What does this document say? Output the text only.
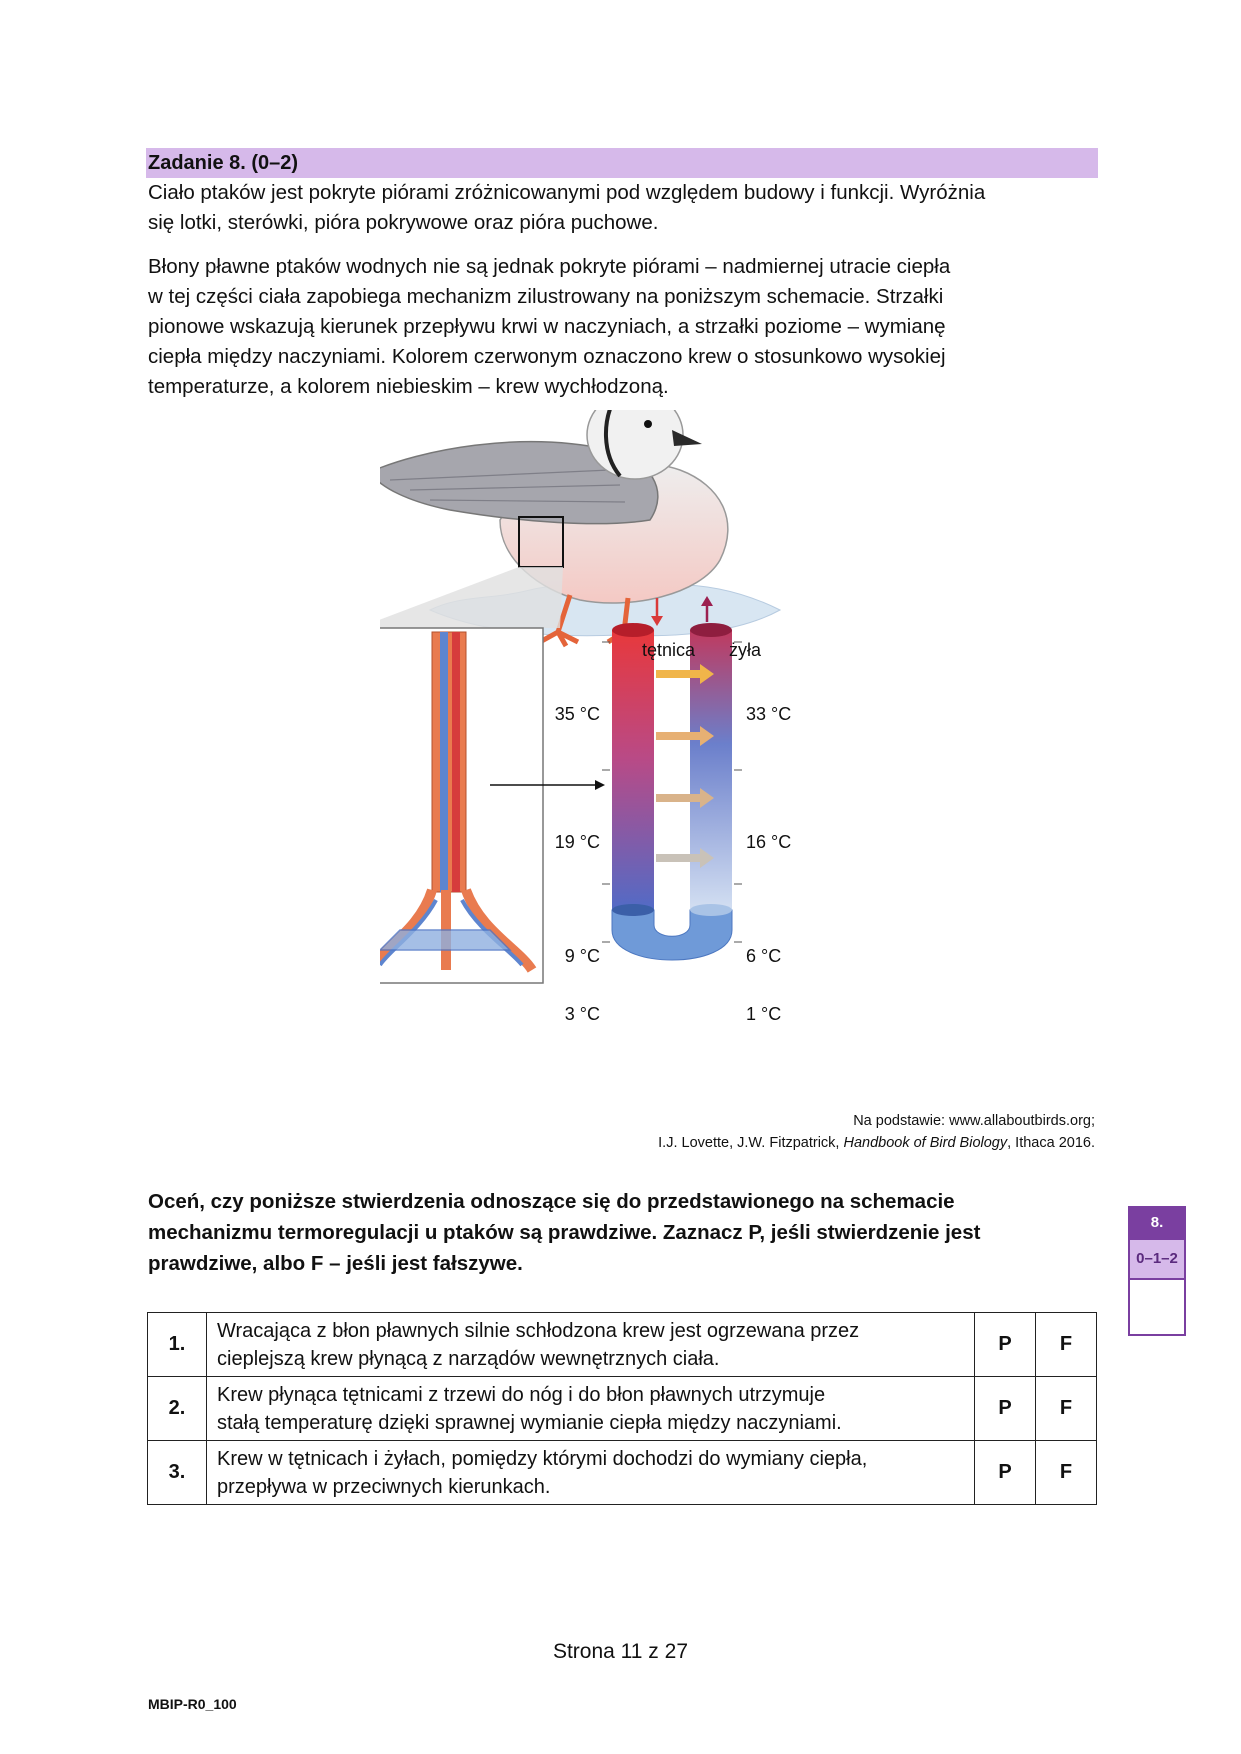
Zadanie 8. (0–2)
Ciało ptaków jest pokryte piórami zróżnicowanymi pod względem budowy i funkcji. Wyróżnia
się lotki, sterówki, pióra pokrywowe oraz pióra puchowe.
Błony pławne ptaków wodnych nie są jednak pokryte piórami – nadmiernej utracie ciepła
w tej części ciała zapobiega mechanizm zilustrowany na poniższym schemacie. Strzałki
pionowe wskazują kierunek przepływu krwi w naczyniach, a strzałki poziome – wymianę
ciepła między naczyniami. Kolorem czerwonym oznaczono krew o stosunkowo wysokiej
temperaturze, a kolorem niebieskim – krew wychłodzoną.
tętnica żyła
35 °C
19 °C
9 °C
3 °C
33 °C
16 °C
6 °C
1 °C
Na podstawie: www.allaboutbirds.org;
I.J. Lovette, J.W. Fitzpatrick, Handbook of Bird Biology, Ithaca 2016.
Oceń, czy poniższe stwierdzenia odnoszące się do przedstawionego na schemacie
mechanizmu termoregulacji u ptaków są prawdziwe. Zaznacz P, jeśli stwierdzenie jest
prawdziwe, albo F – jeśli jest fałszywe.
8.
0–1–2
1.	Wracająca z błon pławnych silnie schłodzona krew jest ogrzewana przez
cieplejszą krew płynącą z narządów wewnętrznych ciała.	P	F
2.	Krew płynąca tętnicami z trzewi do nóg i do błon pławnych utrzymuje
stałą temperaturę dzięki sprawnej wymianie ciepła między naczyniami.	P	F
3.	Krew w tętnicach i żyłach, pomiędzy którymi dochodzi do wymiany ciepła,
przepływa w przeciwnych kierunkach.	P	F
Strona 11 z 27
MBIP-R0_100
